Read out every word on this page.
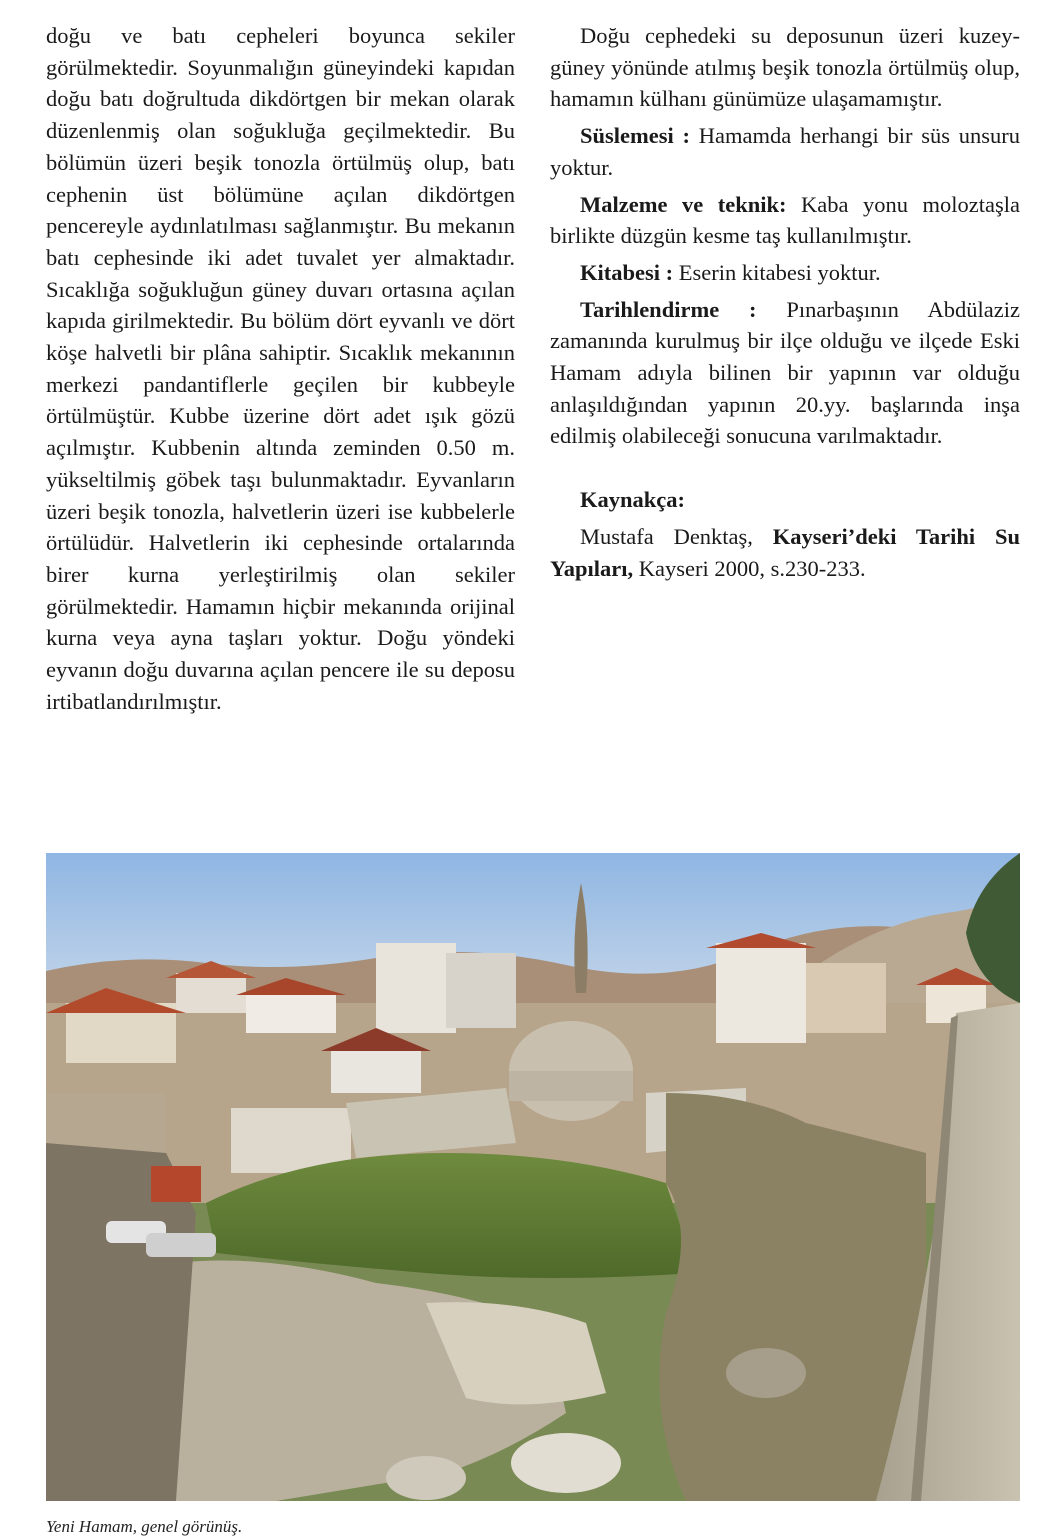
doğu ve batı cepheleri boyunca sekiler görülmektedir. Soyunmalığın güneyindeki kapıdan doğu batı doğrultuda dikdörtgen bir mekan olarak düzenlenmiş olan soğukluğa geçilmektedir. Bu bölümün üzeri beşik tonozla örtülmüş olup, batı cephenin üst bölümüne açılan dikdörtgen pencereyle aydınlatılması sağlanmıştır. Bu mekanın batı cephesinde iki adet tuvalet yer almaktadır. Sıcaklığa soğukluğun güney duvarı ortasına açılan kapıda girilmektedir. Bu bölüm dört eyvanlı ve dört köşe halvetli bir plâna sahiptir. Sıcaklık mekanının merkezi pandantiflerle geçilen bir kubbeyle örtülmüştür. Kubbe üzerine dört adet ışık gözü açılmıştır. Kubbenin altında zeminden 0.50 m. yükseltilmiş göbek taşı bulunmaktadır. Eyvanların üzeri beşik tonozla, halvetlerin üzeri ise kubbelerle örtülüdür. Halvetlerin iki cephesinde ortalarında birer kurna yerleştirilmiş olan sekiler görülmektedir. Hamamın hiçbir mekanında orijinal kurna veya ayna taşları yoktur. Doğu yöndeki eyvanın doğu duvarına açılan pencere ile su deposu irtibatlandırılmıştır.

Doğu cephedeki su deposunun üzeri kuzey-güney yönünde atılmış beşik tonozla örtülmüş olup, hamamın külhanı günümüze ulaşamamıştır.

Süslemesi : Hamamda herhangi bir süs unsuru yoktur.

Malzeme ve teknik: Kaba yonu moloztaşla birlikte düzgün kesme taş kullanılmıştır.

Kitabesi : Eserin kitabesi yoktur.

Tarihlendirme : Pınarbaşının Abdülaziz zamanında kurulmuş bir ilçe olduğu ve ilçede Eski Hamam adıyla bilinen bir yapının var olduğu anlaşıldığından yapının 20.yy. başlarında inşa edilmiş olabileceği sonucuna varılmaktadır.

Kaynakça:

Mustafa Denktaş, Kayseri’deki Tarihi Su Yapıları, Kayseri 2000, s.230-233.

Yeni Hamam, genel görünüş.
